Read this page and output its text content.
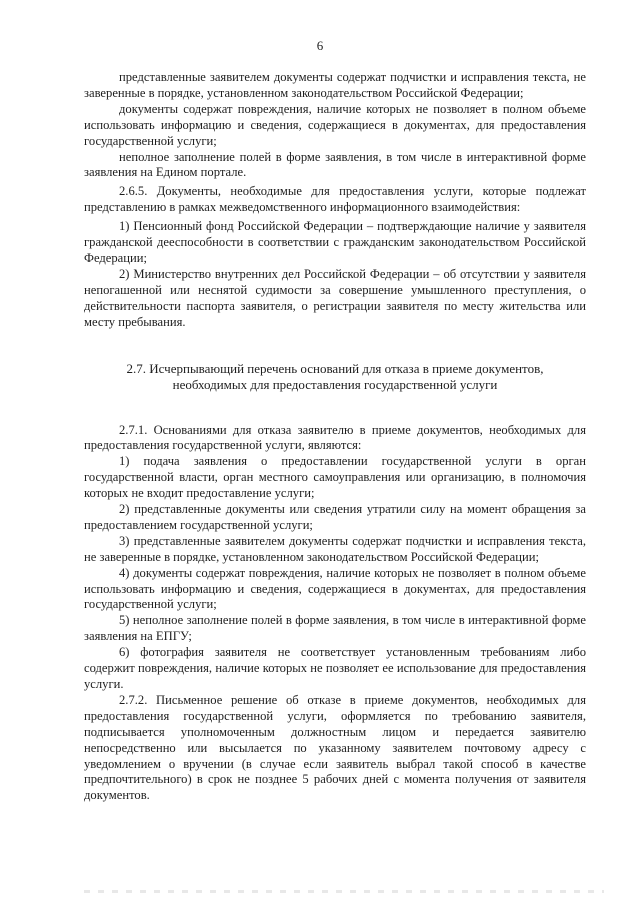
6

представленные заявителем документы содержат подчистки и исправления текста, не заверенные в порядке, установленном законодательством Российской Федерации;

документы содержат повреждения, наличие которых не позволяет в полном объеме использовать информацию и сведения, содержащиеся в документах, для предоставления государственной услуги;

неполное заполнение полей в форме заявления, в том числе в интерактивной форме заявления на Едином портале.

2.6.5. Документы, необходимые для предоставления услуги, которые подлежат представлению в рамках межведомственного информационного взаимодействия:

1) Пенсионный фонд Российской Федерации – подтверждающие наличие у заявителя гражданской дееспособности в соответствии с гражданским законодательством Российской Федерации;

2) Министерство внутренних дел Российской Федерации – об отсутствии у заявителя непогашенной или неснятой судимости за совершение умышленного преступления, о действительности паспорта заявителя, о регистрации заявителя по месту жительства или месту пребывания.

2.7. Исчерпывающий перечень оснований для отказа в приеме документов,
необходимых для предоставления государственной услуги

2.7.1. Основаниями для отказа заявителю в приеме документов, необходимых для предоставления государственной услуги, являются:

1) подача заявления о предоставлении государственной услуги в орган государственной власти, орган местного самоуправления или организацию, в полномочия которых не входит предоставление услуги;

2) представленные документы или сведения утратили силу на момент обращения за предоставлением государственной услуги;

3) представленные заявителем документы содержат подчистки и исправления текста, не заверенные в порядке, установленном законодательством Российской Федерации;

4) документы содержат повреждения, наличие которых не позволяет в полном объеме использовать информацию и сведения, содержащиеся в документах, для предоставления государственной услуги;

5) неполное заполнение полей в форме заявления, в том числе в интерактивной форме заявления на ЕПГУ;

6) фотография заявителя не соответствует установленным требованиям либо содержит повреждения, наличие которых не позволяет ее использование для предоставления услуги.

2.7.2. Письменное решение об отказе в приеме документов, необходимых для предоставления государственной услуги, оформляется по требованию заявителя, подписывается уполномоченным должностным лицом и передается заявителю непосредственно или высылается по указанному заявителем почтовому адресу с уведомлением о вручении (в случае если заявитель выбрал такой способ в качестве предпочтительного) в срок не позднее 5 рабочих дней с момента получения от заявителя документов.
